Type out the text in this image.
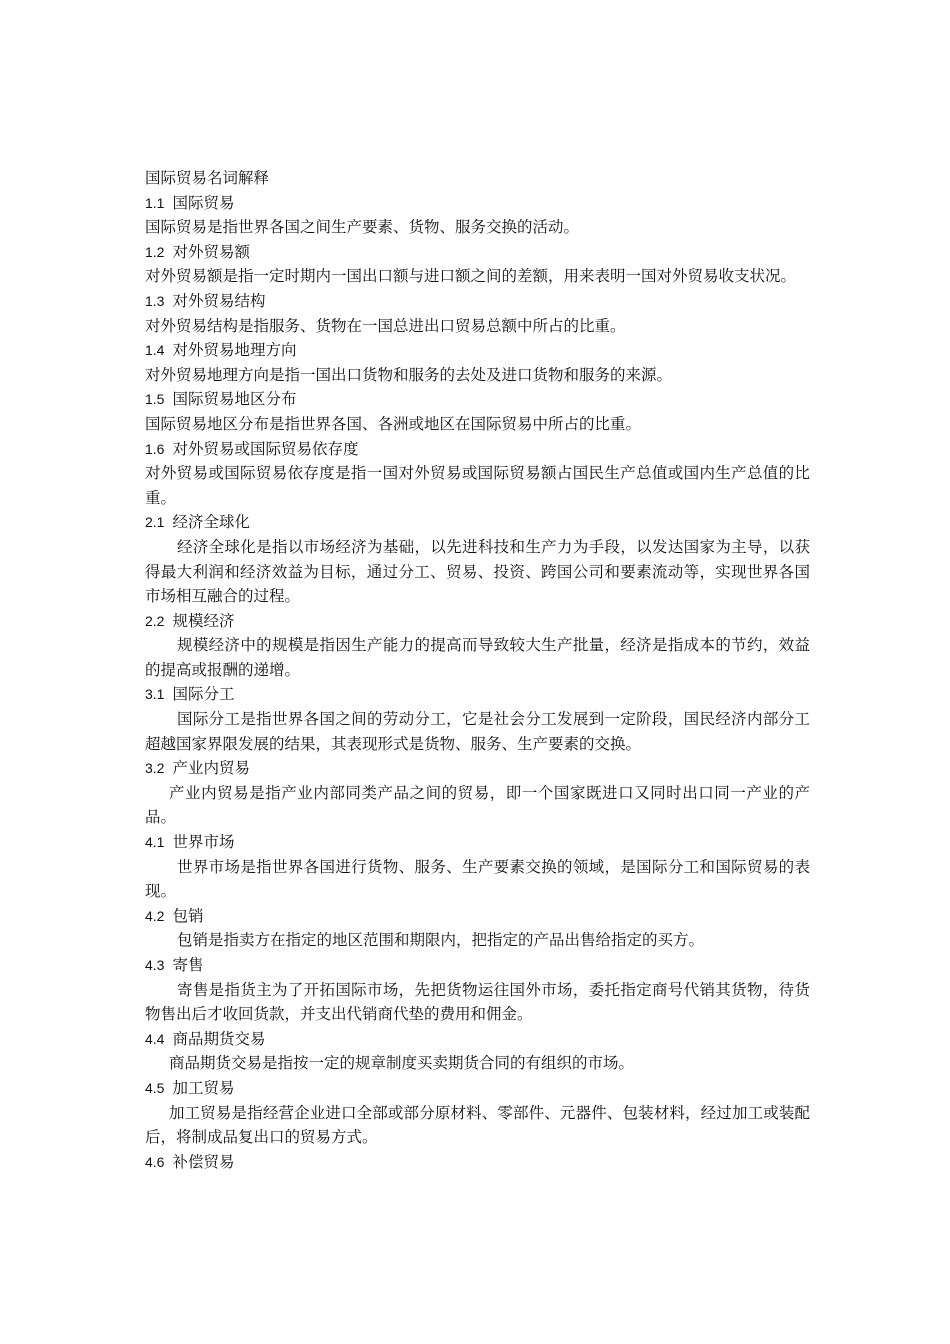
国际贸易名词解释

1.1 国际贸易

国际贸易是指世界各国之间生产要素、货物、服务交换的活动。

1.2 对外贸易额

对外贸易额是指一定时期内一国出口额与进口额之间的差额，用来表明一国对外贸易收支状况。

1.3 对外贸易结构

对外贸易结构是指服务、货物在一国总进出口贸易总额中所占的比重。

1.4 对外贸易地理方向

对外贸易地理方向是指一国出口货物和服务的去处及进口货物和服务的来源。

1.5 国际贸易地区分布

国际贸易地区分布是指世界各国、各洲或地区在国际贸易中所占的比重。

1.6 对外贸易或国际贸易依存度

对外贸易或国际贸易依存度是指一国对外贸易或国际贸易额占国民生产总值或国内生产总值的比重。

2.1 经济全球化

经济全球化是指以市场经济为基础，以先进科技和生产力为手段，以发达国家为主导，以获得最大利润和经济效益为目标，通过分工、贸易、投资、跨国公司和要素流动等，实现世界各国市场相互融合的过程。

2.2 规模经济

规模经济中的规模是指因生产能力的提高而导致较大生产批量，经济是指成本的节约，效益的提高或报酬的递增。

3.1 国际分工

国际分工是指世界各国之间的劳动分工，它是社会分工发展到一定阶段，国民经济内部分工超越国家界限发展的结果，其表现形式是货物、服务、生产要素的交换。

3.2 产业内贸易

产业内贸易是指产业内部同类产品之间的贸易，即一个国家既进口又同时出口同一产业的产品。

4.1 世界市场

世界市场是指世界各国进行货物、服务、生产要素交换的领域，是国际分工和国际贸易的表现。

4.2 包销

包销是指卖方在指定的地区范围和期限内，把指定的产品出售给指定的买方。

4.3 寄售

寄售是指货主为了开拓国际市场，先把货物运往国外市场，委托指定商号代销其货物，待货物售出后才收回货款，并支出代销商代垫的费用和佣金。

4.4 商品期货交易

商品期货交易是指按一定的规章制度买卖期货合同的有组织的市场。

4.5 加工贸易

加工贸易是指经营企业进口全部或部分原材料、零部件、元器件、包装材料，经过加工或装配后，将制成品复出口的贸易方式。

4.6 补偿贸易
